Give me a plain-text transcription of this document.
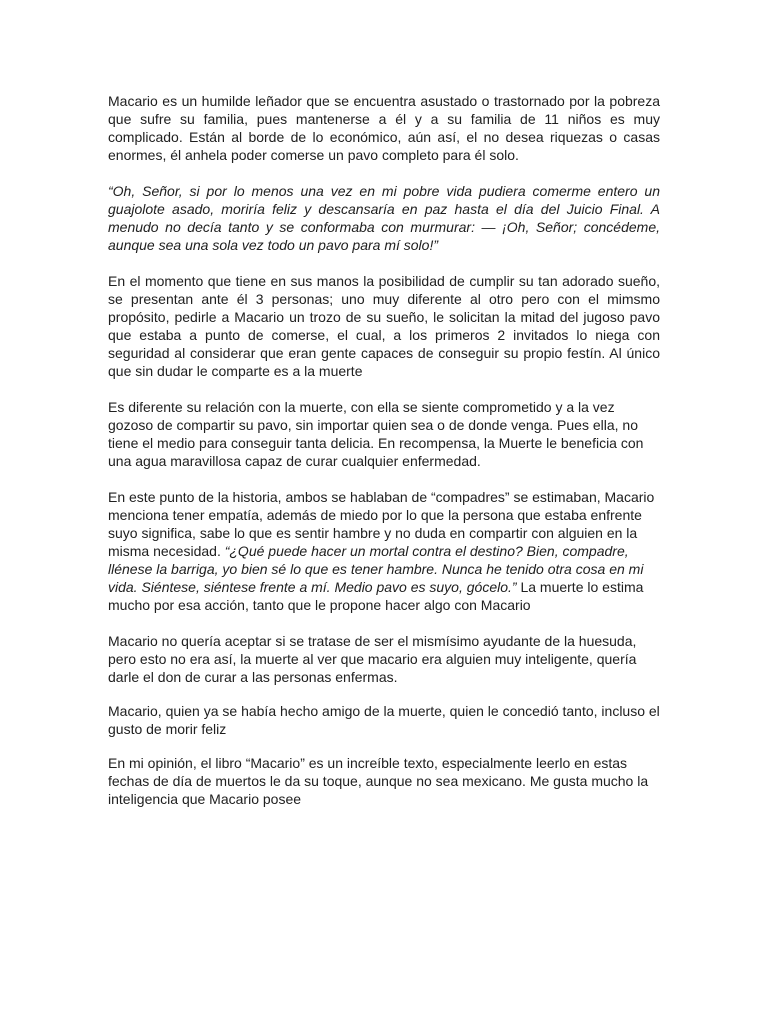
Macario es un humilde leñador que se encuentra asustado o trastornado por la pobreza que sufre su familia, pues mantenerse a él y a su familia de 11 niños es muy complicado. Están al borde de lo económico, aún así, el no desea riquezas o casas enormes, él anhela poder comerse un pavo completo para él solo.

“Oh, Señor, si por lo menos una vez en mi pobre vida pudiera comerme entero un guajolote asado, moriría feliz y descansaría en paz hasta el día del Juicio Final. A menudo no decía tanto y se conformaba con murmurar: — ¡Oh, Señor; concédeme, aunque sea una sola vez todo un pavo para mí solo!”

En el momento que tiene en sus manos la posibilidad de cumplir su tan adorado sueño, se presentan ante él 3 personas; uno muy diferente al otro pero con el mimsmo propósito, pedirle a Macario un trozo de su sueño, le solicitan la mitad del jugoso pavo que estaba a punto de comerse, el cual, a los primeros 2 invitados lo niega con seguridad al considerar que eran gente capaces de conseguir su propio festín. Al único que sin dudar le comparte es a la muerte

Es diferente su relación con la muerte, con ella se siente comprometido y a la vez gozoso de compartir su pavo, sin importar quien sea o de donde venga. Pues ella, no tiene el medio para conseguir tanta delicia. En recompensa, la Muerte le beneficia con una agua maravillosa capaz de curar cualquier enfermedad.

En este punto de la historia, ambos se hablaban de “compadres” se estimaban, Macario menciona tener empatía, además de miedo por lo que la persona que estaba enfrente suyo significa, sabe lo que es sentir hambre y no duda en compartir con alguien en la misma necesidad. “¿Qué puede hacer un mortal contra el destino? Bien, compadre, llénese la barriga, yo bien sé lo que es tener hambre. Nunca he tenido otra cosa en mi vida. Siéntese, siéntese frente a mí. Medio pavo es suyo, gócelo.” La muerte lo estima mucho por esa acción, tanto que le propone hacer algo con Macario

Macario no quería aceptar si se tratase de ser el mismísimo ayudante de la huesuda, pero esto no era así, la muerte al ver que macario era alguien muy inteligente, quería darle el don de curar a las personas enfermas.

Macario, quien ya se había hecho amigo de la muerte, quien le concedió tanto, incluso el gusto de morir feliz

En mi opinión, el libro “Macario” es un increíble texto, especialmente leerlo en estas fechas de día de muertos le da su toque, aunque no sea mexicano. Me gusta mucho la inteligencia que Macario posee
